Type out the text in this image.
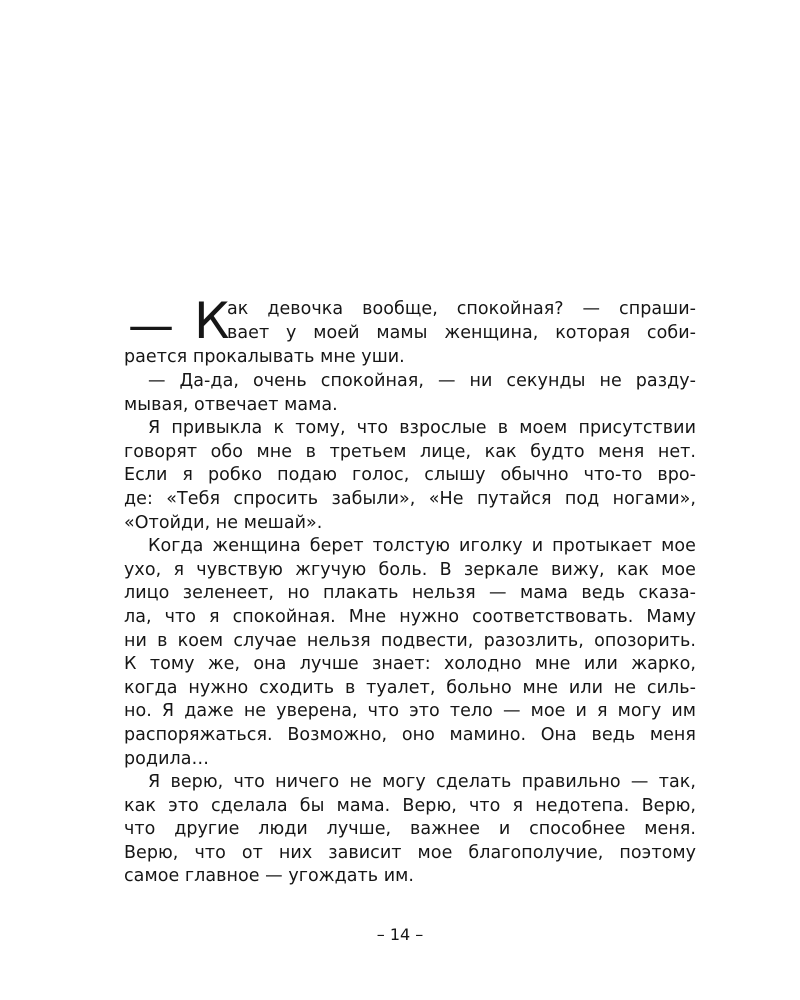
— К
ак девочка вообще, спокойная? — спраши-
вает у моей мамы женщина, которая соби-
рается прокалывать мне уши.
— Да-да, очень спокойная, — ни секунды не разду-
мывая, отвечает мама.
Я привыкла к тому, что взрослые в моем присутствии
говорят обо мне в третьем лице, как будто меня нет.
Если я робко подаю голос, слышу обычно что-то вро-
де: «Тебя спросить забыли», «Не путайся под ногами»,
«Отойди, не мешай».
Когда женщина берет толстую иголку и протыкает мое
ухо, я чувствую жгучую боль. В зеркале вижу, как мое
лицо зеленеет, но плакать нельзя — мама ведь сказа-
ла, что я спокойная. Мне нужно соответствовать. Маму
ни в коем случае нельзя подвести, разозлить, опозорить.
К тому же, она лучше знает: холодно мне или жарко,
когда нужно сходить в туалет, больно мне или не силь-
но. Я даже не уверена, что это тело — мое и я могу им
распоряжаться. Возможно, оно мамино. Она ведь меня
родила…
Я верю, что ничего не могу сделать правильно — так,
как это сделала бы мама. Верю, что я недотепа. Верю,
что другие люди лучше, важнее и способнее меня.
Верю, что от них зависит мое благополучие, поэтому
самое главное — угождать им.
– 14 –
